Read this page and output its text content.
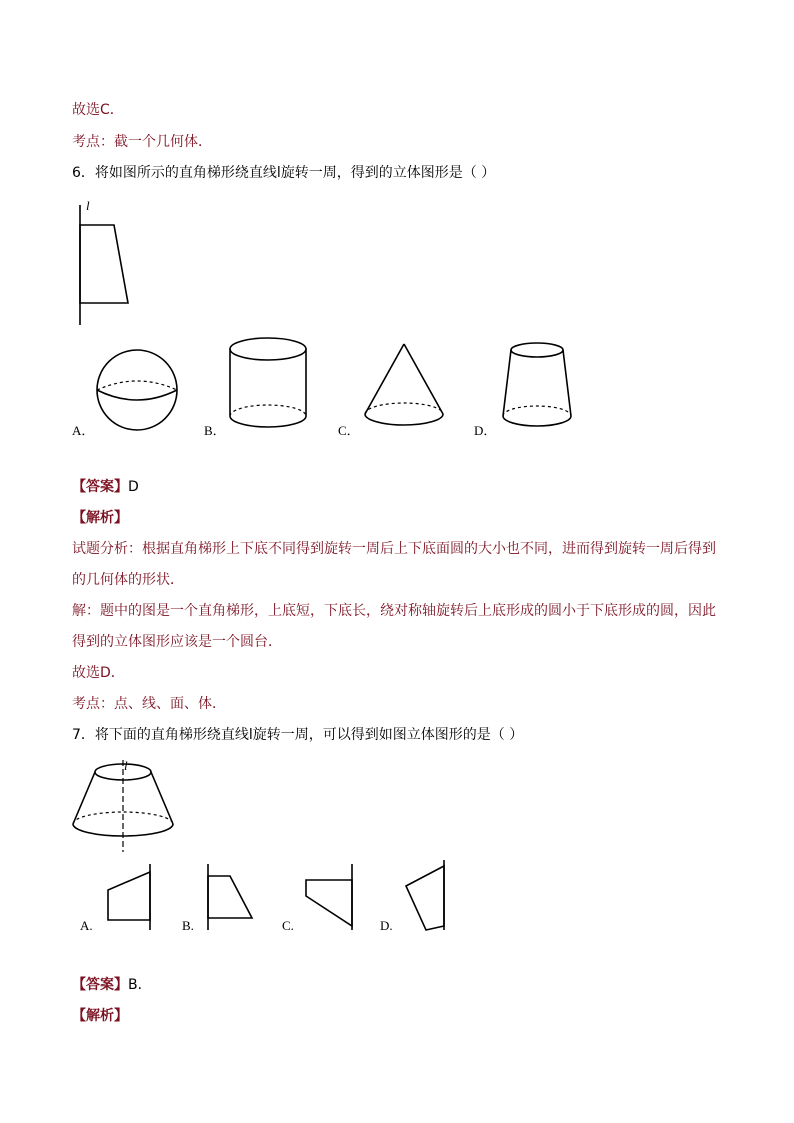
故选C．
考点：截一个几何体．
6．将如图所示的直角梯形绕直线l旋转一周，得到的立体图形是（ ）
l
A．	B．	C．	D．
【答案】D
【解析】
试题分析：根据直角梯形上下底不同得到旋转一周后上下底面圆的大小也不同，进而得到旋转一周后得到
的几何体的形状．
解：题中的图是一个直角梯形，上底短，下底长，绕对称轴旋转后上底形成的圆小于下底形成的圆，因此
得到的立体图形应该是一个圆台．
故选D．
考点：点、线、面、体．
7．将下面的直角梯形绕直线l旋转一周，可以得到如图立体图形的是（ ）
l
A.	B.	C.	D.
【答案】B．
【解析】
